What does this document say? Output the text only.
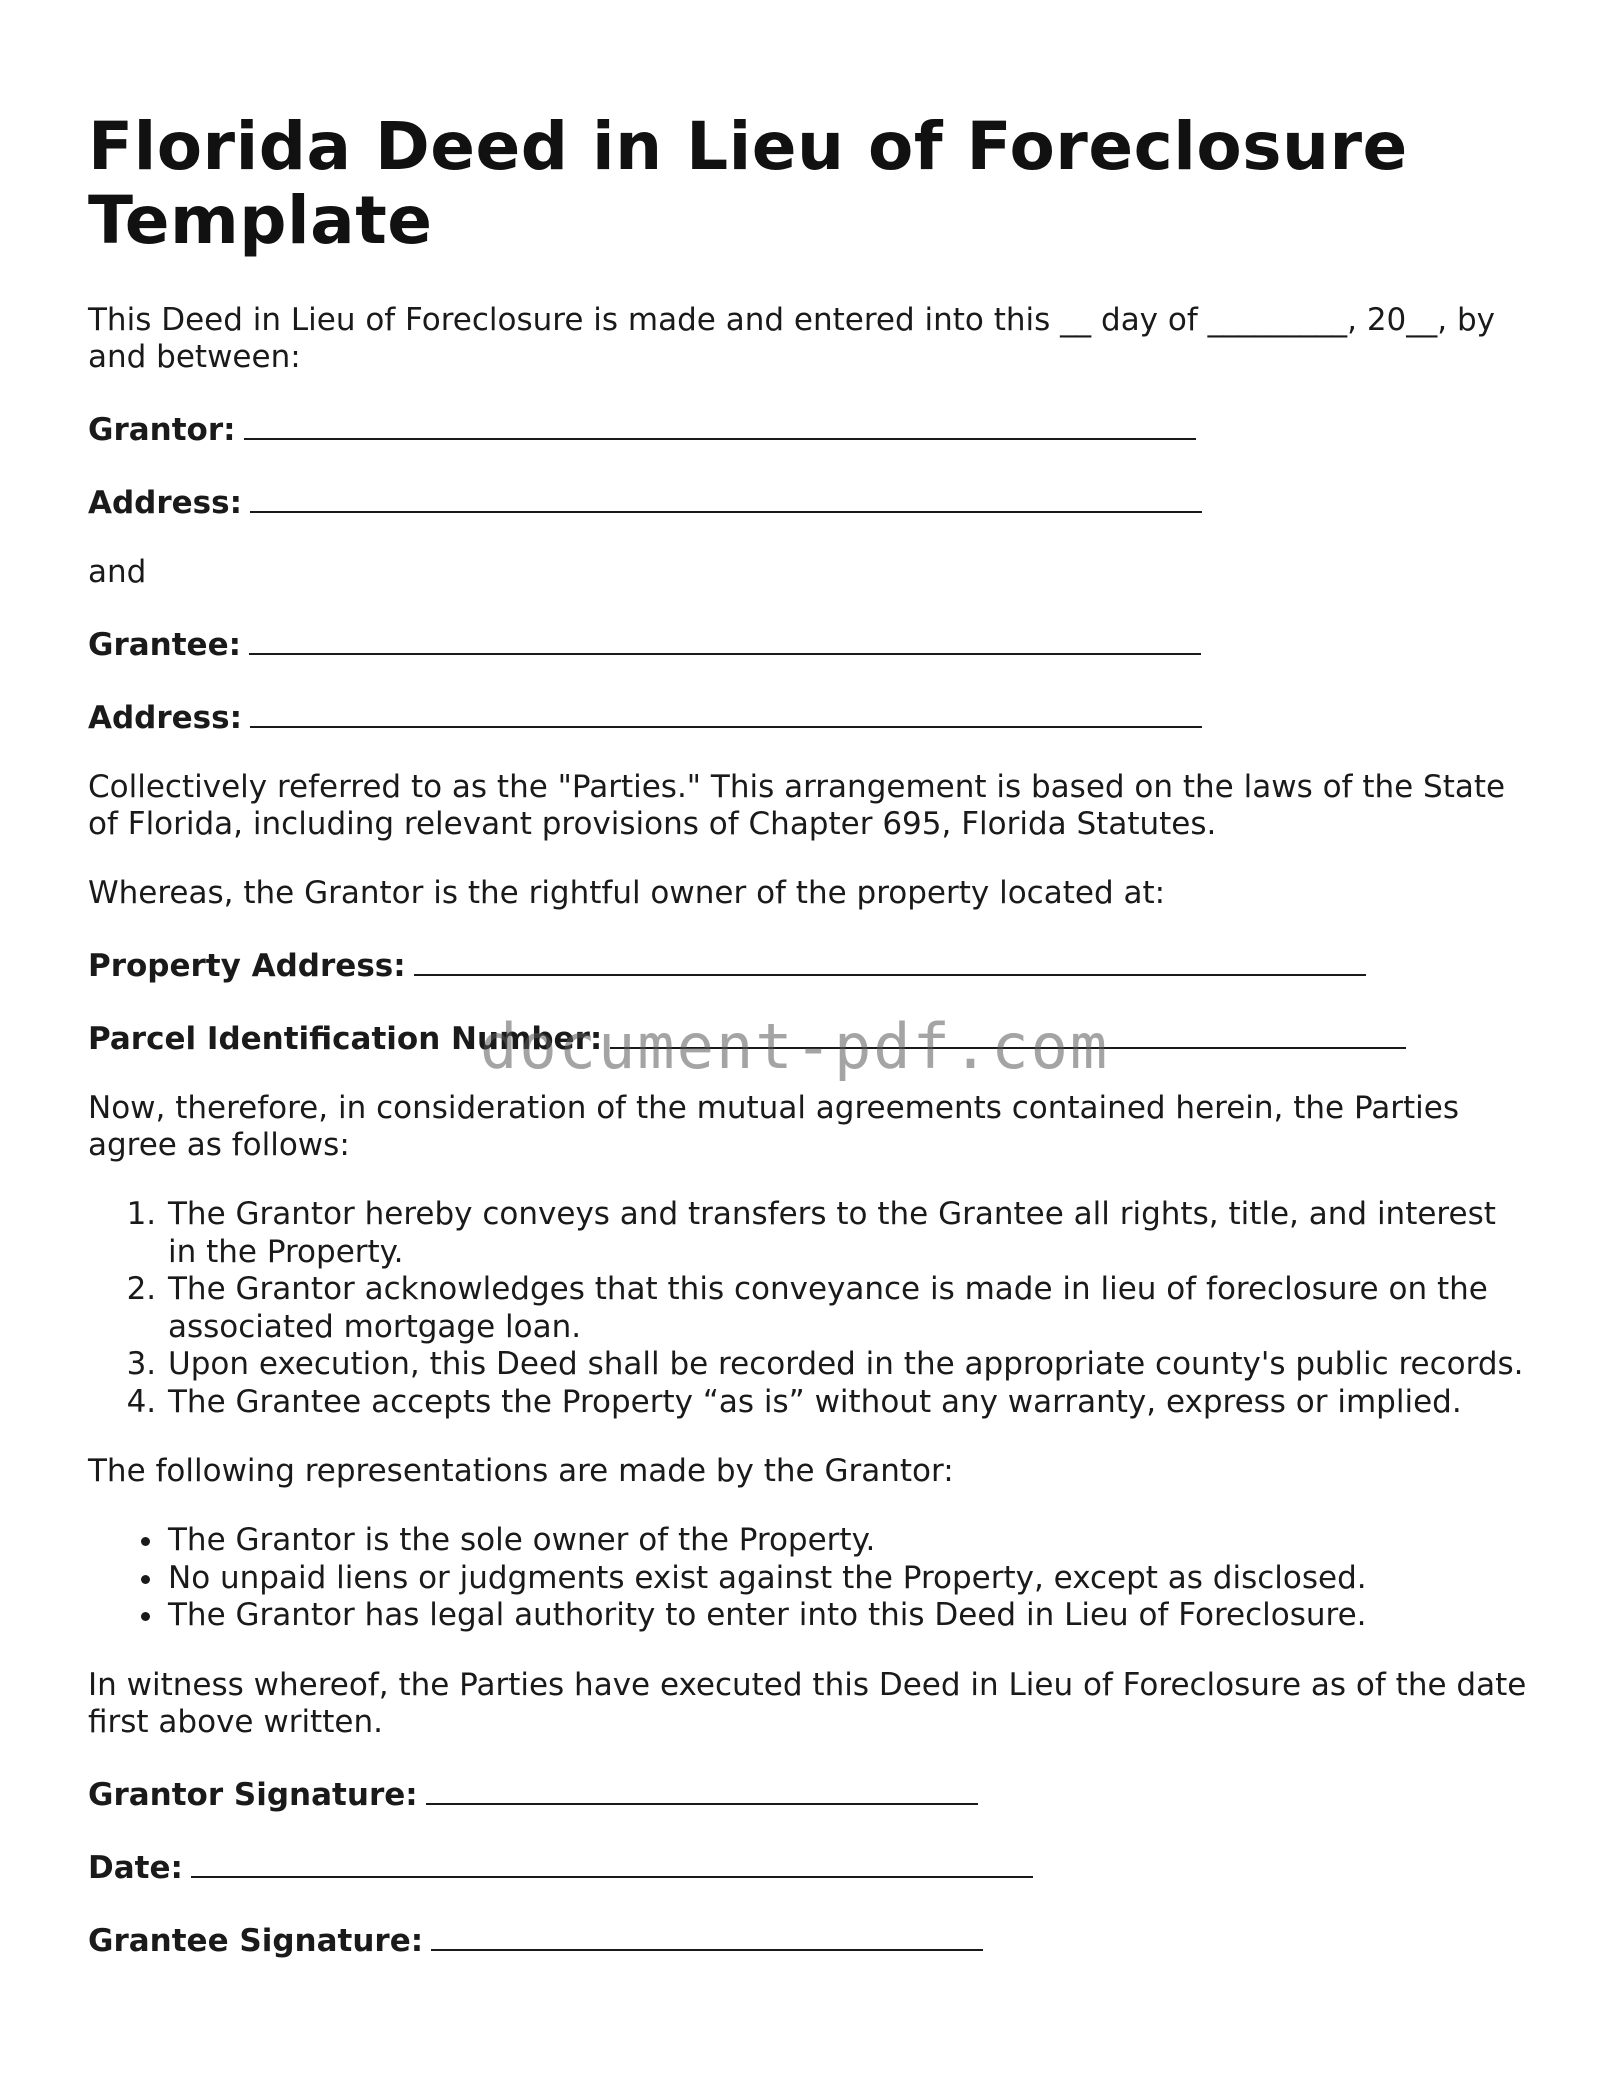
Florida Deed in Lieu of Foreclosure Template

This Deed in Lieu of Foreclosure is made and entered into this __ day of _________, 20__, by and between:

Grantor:
Address:

and

Grantee:
Address:

Collectively referred to as the "Parties." This arrangement is based on the laws of the State of Florida, including relevant provisions of Chapter 695, Florida Statutes.

Whereas, the Grantor is the rightful owner of the property located at:

Property Address:
Parcel Identification Number:

Now, therefore, in consideration of the mutual agreements contained herein, the Parties agree as follows:

1. The Grantor hereby conveys and transfers to the Grantee all rights, title, and interest in the Property.
2. The Grantor acknowledges that this conveyance is made in lieu of foreclosure on the associated mortgage loan.
3. Upon execution, this Deed shall be recorded in the appropriate county's public records.
4. The Grantee accepts the Property “as is” without any warranty, express or implied.

The following representations are made by the Grantor:

• The Grantor is the sole owner of the Property.
• No unpaid liens or judgments exist against the Property, except as disclosed.
• The Grantor has legal authority to enter into this Deed in Lieu of Foreclosure.

In witness whereof, the Parties have executed this Deed in Lieu of Foreclosure as of the date first above written.

Grantor Signature:
Date:
Grantee Signature:
document-pdf.com
